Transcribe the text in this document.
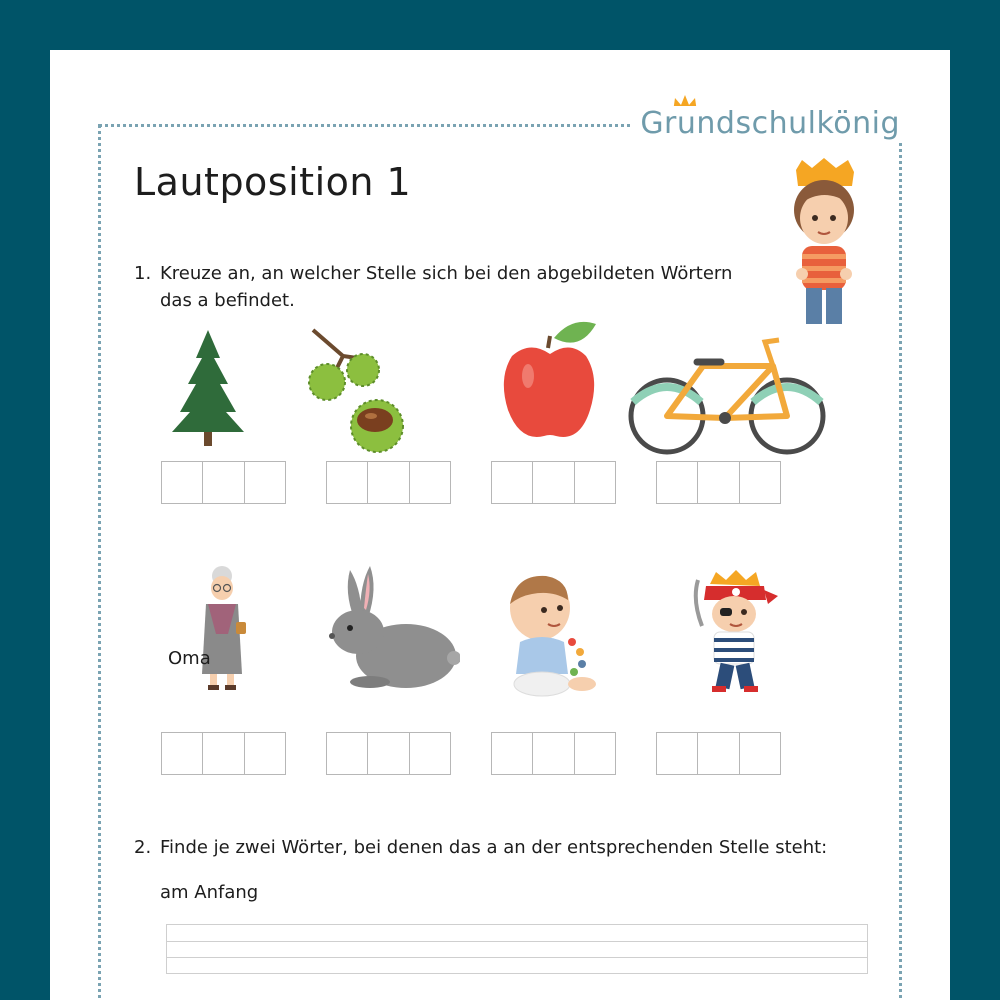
Grundschulkönig
Lautposition 1
1. Kreuze an, an welcher Stelle sich bei den abgebildeten Wörtern
das a befindet.
Oma
2. Finde je zwei Wörter, bei denen das a an der entsprechenden Stelle steht:
am Anfang
